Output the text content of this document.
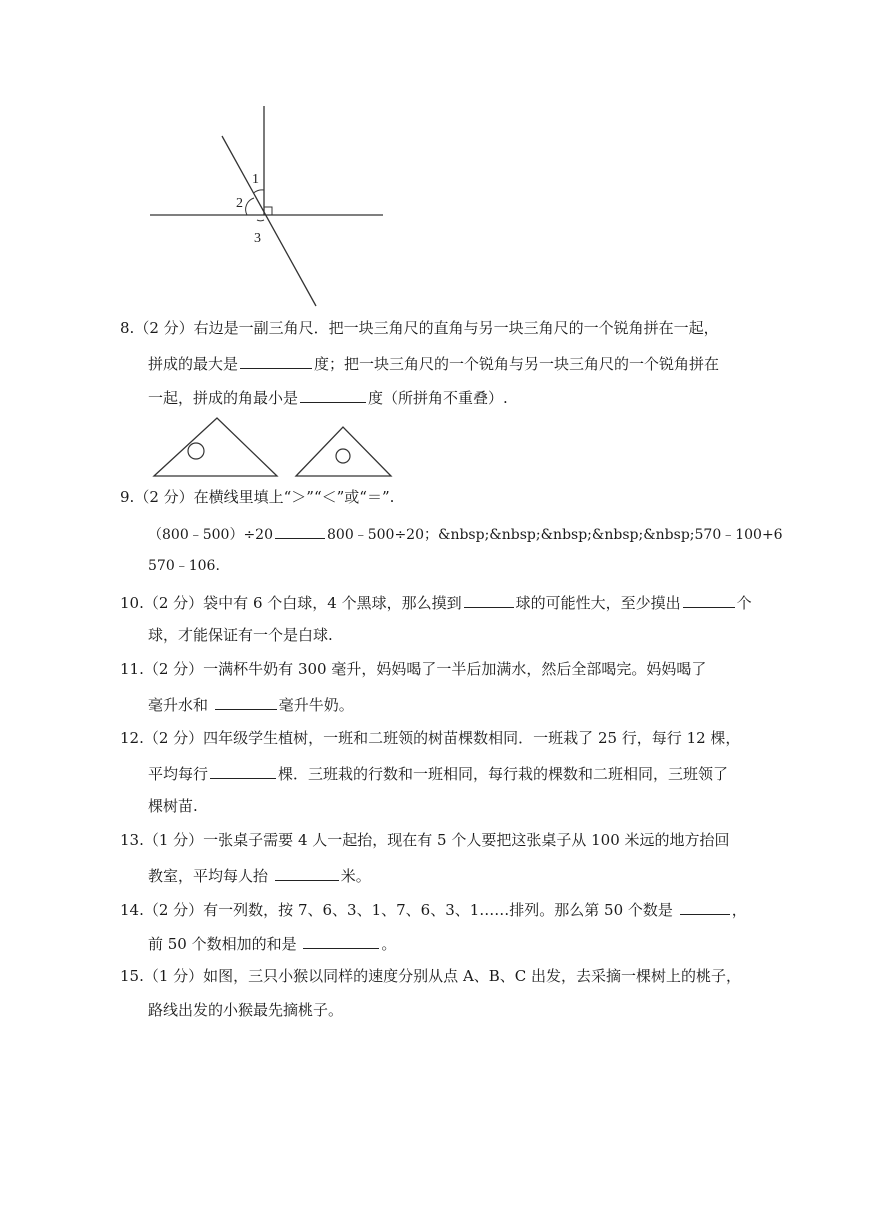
1
2
3
8.（2 分）右边是一副三角尺．把一块三角尺的直角与另一块三角尺的一个锐角拼在一起，
拼成的最大是	度；把一块三角尺的一个锐角与另一块三角尺的一个锐角拼在
一起，拼成的角最小是	度（所拼角不重叠）.
9.（2 分）在横线里填上“＞”“＜”或“＝”.
（800﹣500）÷20	800﹣500÷20；&nbsp;&nbsp;&nbsp;&nbsp;&nbsp;570﹣100+6
570﹣106.
10.（2 分）袋中有 6 个白球，4 个黑球，那么摸到	球的可能性大，至少摸出	个
球，才能保证有一个是白球.
11.（2 分）一满杯牛奶有 300 毫升，妈妈喝了一半后加满水，然后全部喝完。妈妈喝了
毫升水和	毫升牛奶。
12.（2 分）四年级学生植树，一班和二班领的树苗棵数相同．一班栽了 25 行，每行 12 棵，
平均每行	棵．三班栽的行数和一班相同，每行栽的棵数和二班相同，三班领了
棵树苗.
13.（1 分）一张桌子需要 4 人一起抬，现在有 5 个人要把这张桌子从 100 米远的地方抬回
教室，平均每人抬	米。
14.（2 分）有一列数，按 7、6、3、1、7、6、3、1……排列。那么第 50 个数是	，
前 50 个数相加的和是	。
15.（1 分）如图，三只小猴以同样的速度分别从点 A、B、C 出发，去采摘一棵树上的桃子，
路线出发的小猴最先摘桃子。
